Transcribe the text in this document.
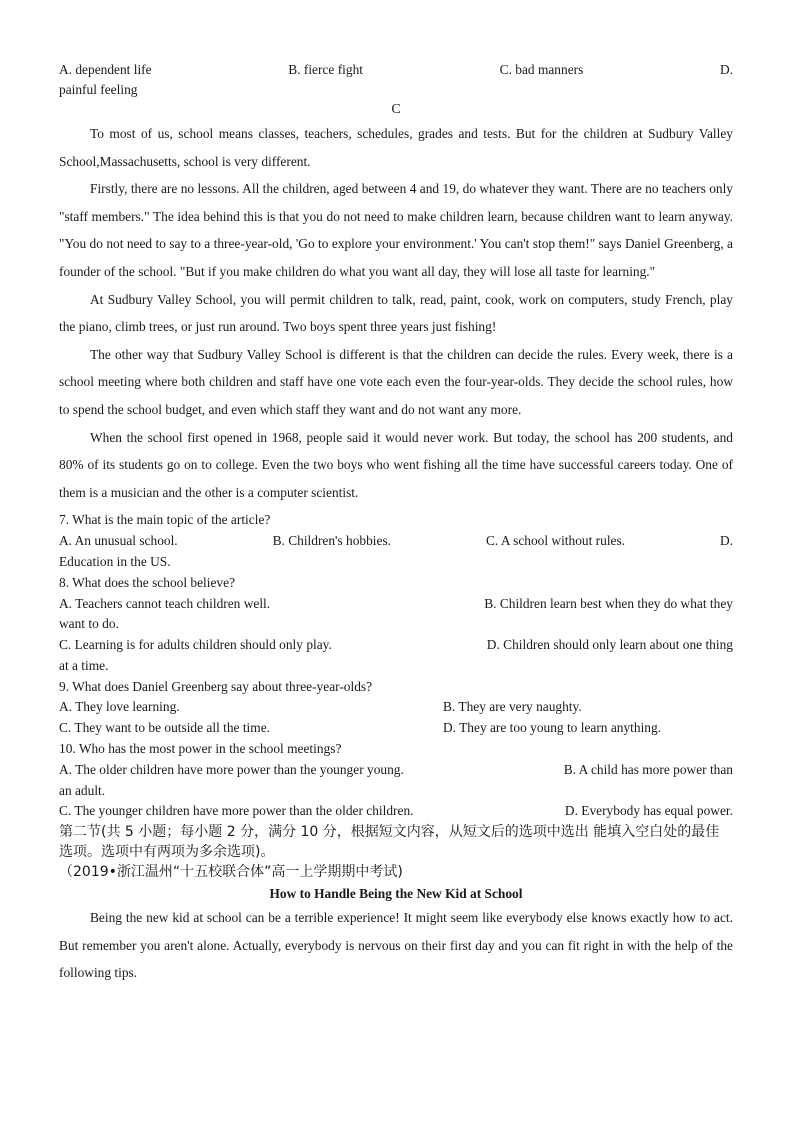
A. dependent life	B. fierce fight	C. bad manners	D.
painful feeling
C

To most of us, school means classes, teachers, schedules, grades and tests. But for the children at Sudbury Valley School,Massachusetts, school is very different.

Firstly, there are no lessons. All the children, aged between 4 and 19, do whatever they want. There are no teachers only "staff members." The idea behind this is that you do not need to make children learn, because children want to learn anyway. "You do not need to say to a three-year-old, 'Go to explore your environment.' You can't stop them!" says Daniel Greenberg, a founder of the school. "But if you make children do what you want all day, they will lose all taste for learning."

At Sudbury Valley School, you will permit children to talk, read, paint, cook, work on computers, study French, play the piano, climb trees, or just run around. Two boys spent three years just fishing!

The other way that Sudbury Valley School is different is that the children can decide the rules. Every week, there is a school meeting where both children and staff have one vote each even the four-year-olds. They decide the school rules, how to spend the school budget, and even which staff they want and do not want any more.

When the school first opened in 1968, people said it would never work. But today, the school has 200 students, and 80% of its students go on to college. Even the two boys who went fishing all the time have successful careers today. One of them is a musician and the other is a computer scientist.

7. What is the main topic of the article?
A. An unusual school.	B. Children's hobbies.	C. A school without rules.	D.
Education in the US.
8. What does the school believe?
A. Teachers cannot teach children well.	B. Children learn best when they do what they
want to do.
C. Learning is for adults children should only play.	D. Children should only learn about one thing
at a time.
9. What does Daniel Greenberg say about three-year-olds?
A. They love learning.	B. They are very naughty.
C. They want to be outside all the time.	D. They are too young to learn anything.
10. Who has the most power in the school meetings?
A. The older children have more power than the younger young.	B. A child has more power than
an adult.
C. The younger children have more power than the older children.	D. Everybody has equal power.
第二节(共 5 小题；每小题 2 分，满分 10 分，根据短文内容，从短文后的选项中选出 能填入空白处的最佳选项。选项中有两项为多余选项)。
（2019•浙江温州“十五校联合体”高一上学期期中考试)
How to Handle Being the New Kid at School

Being the new kid at school can be a terrible experience! It might seem like everybody else knows exactly how to act. But remember you aren't alone. Actually, everybody is nervous on their first day and you can fit right in with the help of the following tips.
